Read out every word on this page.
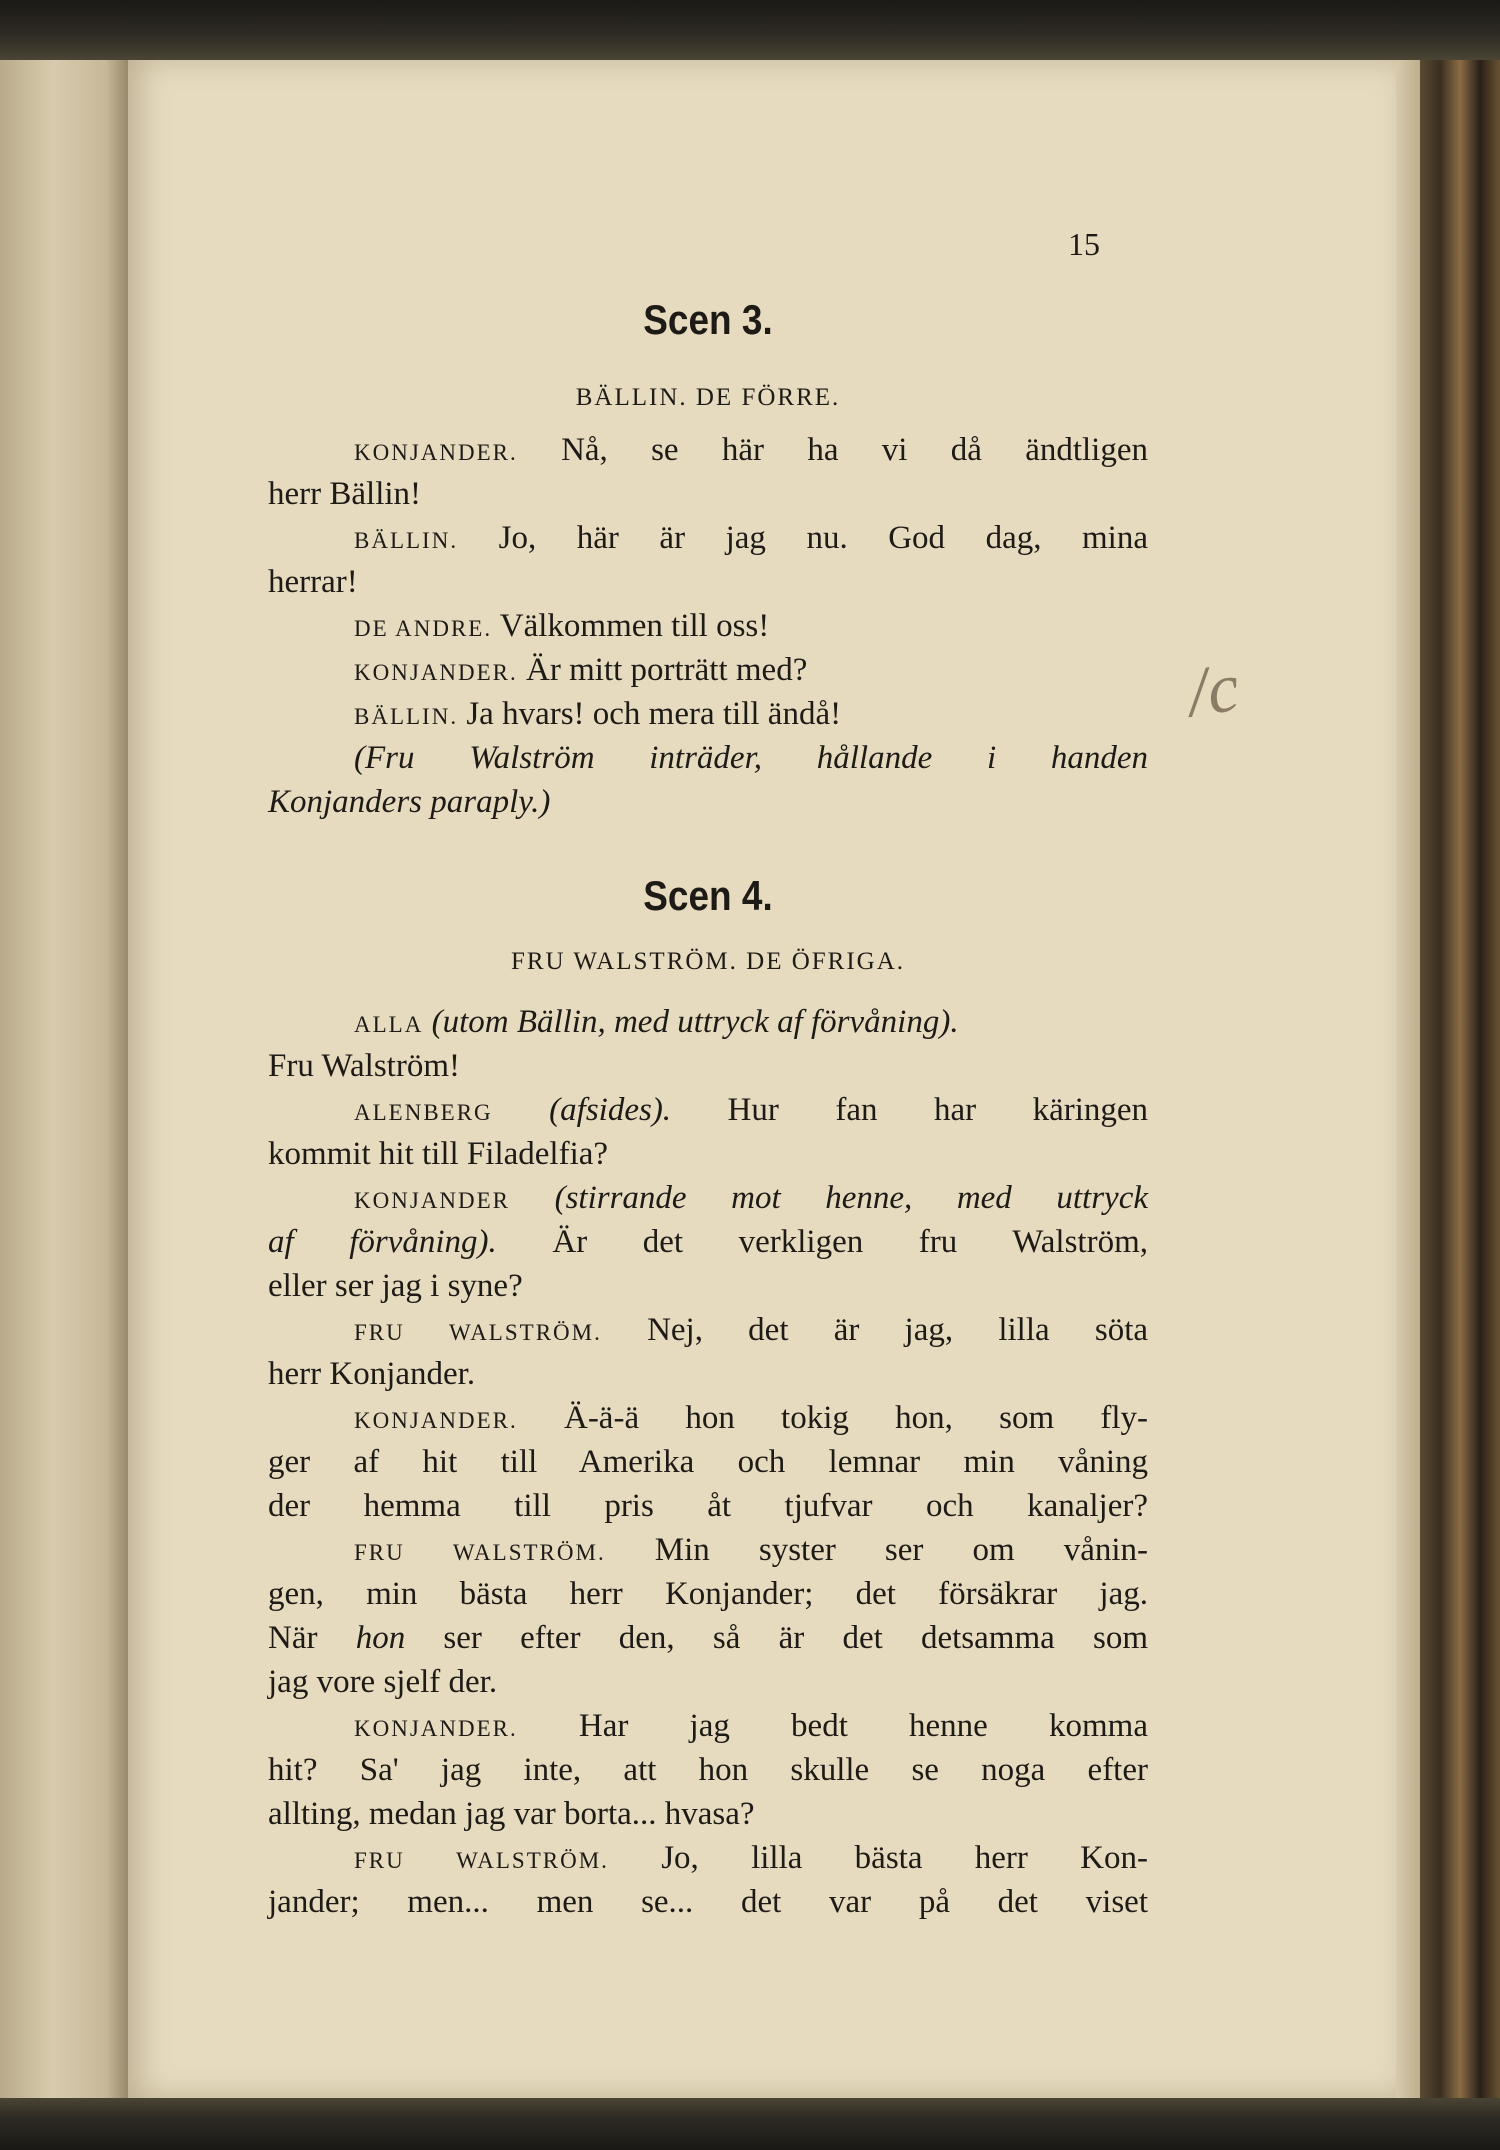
15
Scen 3.
BÄLLIN. DE FÖRRE.
KONJANDER. Nå, se här ha vi då ändtligen
herr Bällin!
BÄLLIN. Jo, här är jag nu. God dag, mina
herrar!
DE ANDRE. Välkommen till oss!
KONJANDER. Är mitt porträtt med?
BÄLLIN. Ja hvars! och mera till ändå!
(Fru Walström inträder, hållande i handen
Konjanders paraply.)
Scen 4.
FRU WALSTRÖM. DE ÖFRIGA.
ALLA (utom Bällin, med uttryck af förvåning).
Fru Walström!
ALENBERG (afsides). Hur fan har käringen
kommit hit till Filadelfia?
KONJANDER (stirrande mot henne, med uttryck
af förvåning). Är det verkligen fru Walström,
eller ser jag i syne?
FRU WALSTRÖM. Nej, det är jag, lilla söta
herr Konjander.
KONJANDER. Ä-ä-ä hon tokig hon, som fly-
ger af hit till Amerika och lemnar min våning
der hemma till pris åt tjufvar och kanaljer?
FRU WALSTRÖM. Min syster ser om vånin-
gen, min bästa herr Konjander; det försäkrar jag.
När hon ser efter den, så är det detsamma som
jag vore sjelf der.
KONJANDER. Har jag bedt henne komma
hit? Sa' jag inte, att hon skulle se noga efter
allting, medan jag var borta... hvasa?
FRU WALSTRÖM. Jo, lilla bästa herr Kon-
jander; men... men se... det var på det viset
/c
